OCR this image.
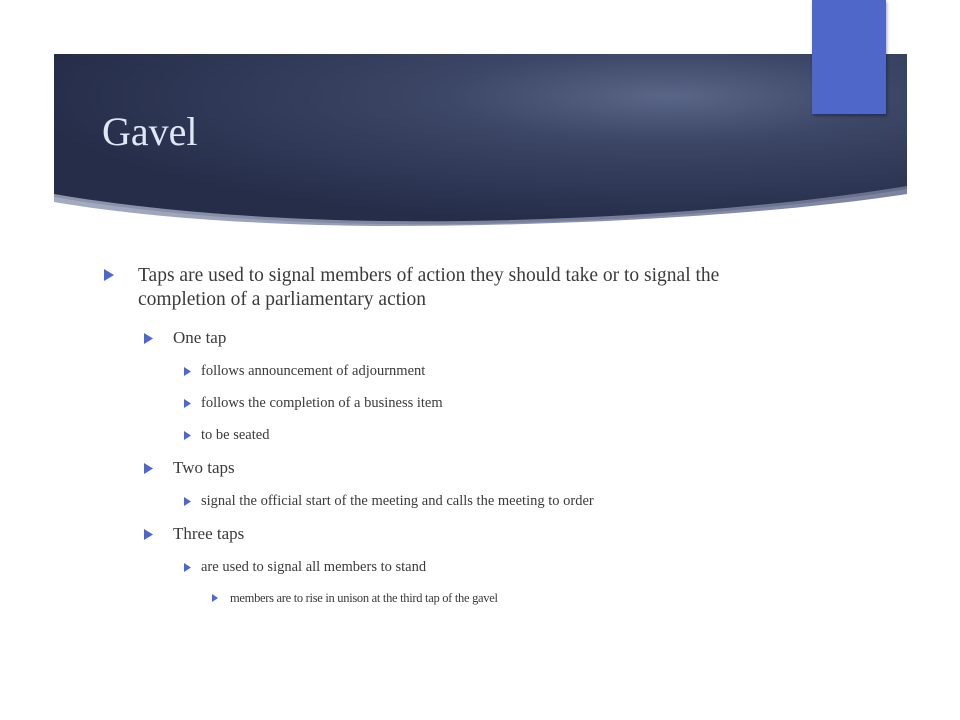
Gavel
Taps are used to signal members of action they should take or to signal the completion of a parliamentary action
One tap
follows announcement of adjournment
follows the completion of a business item
to be seated
Two taps
signal the official start of the meeting and calls the meeting to order
Three taps
are used to signal all members to stand
members are to rise in unison at the third tap of the gavel
